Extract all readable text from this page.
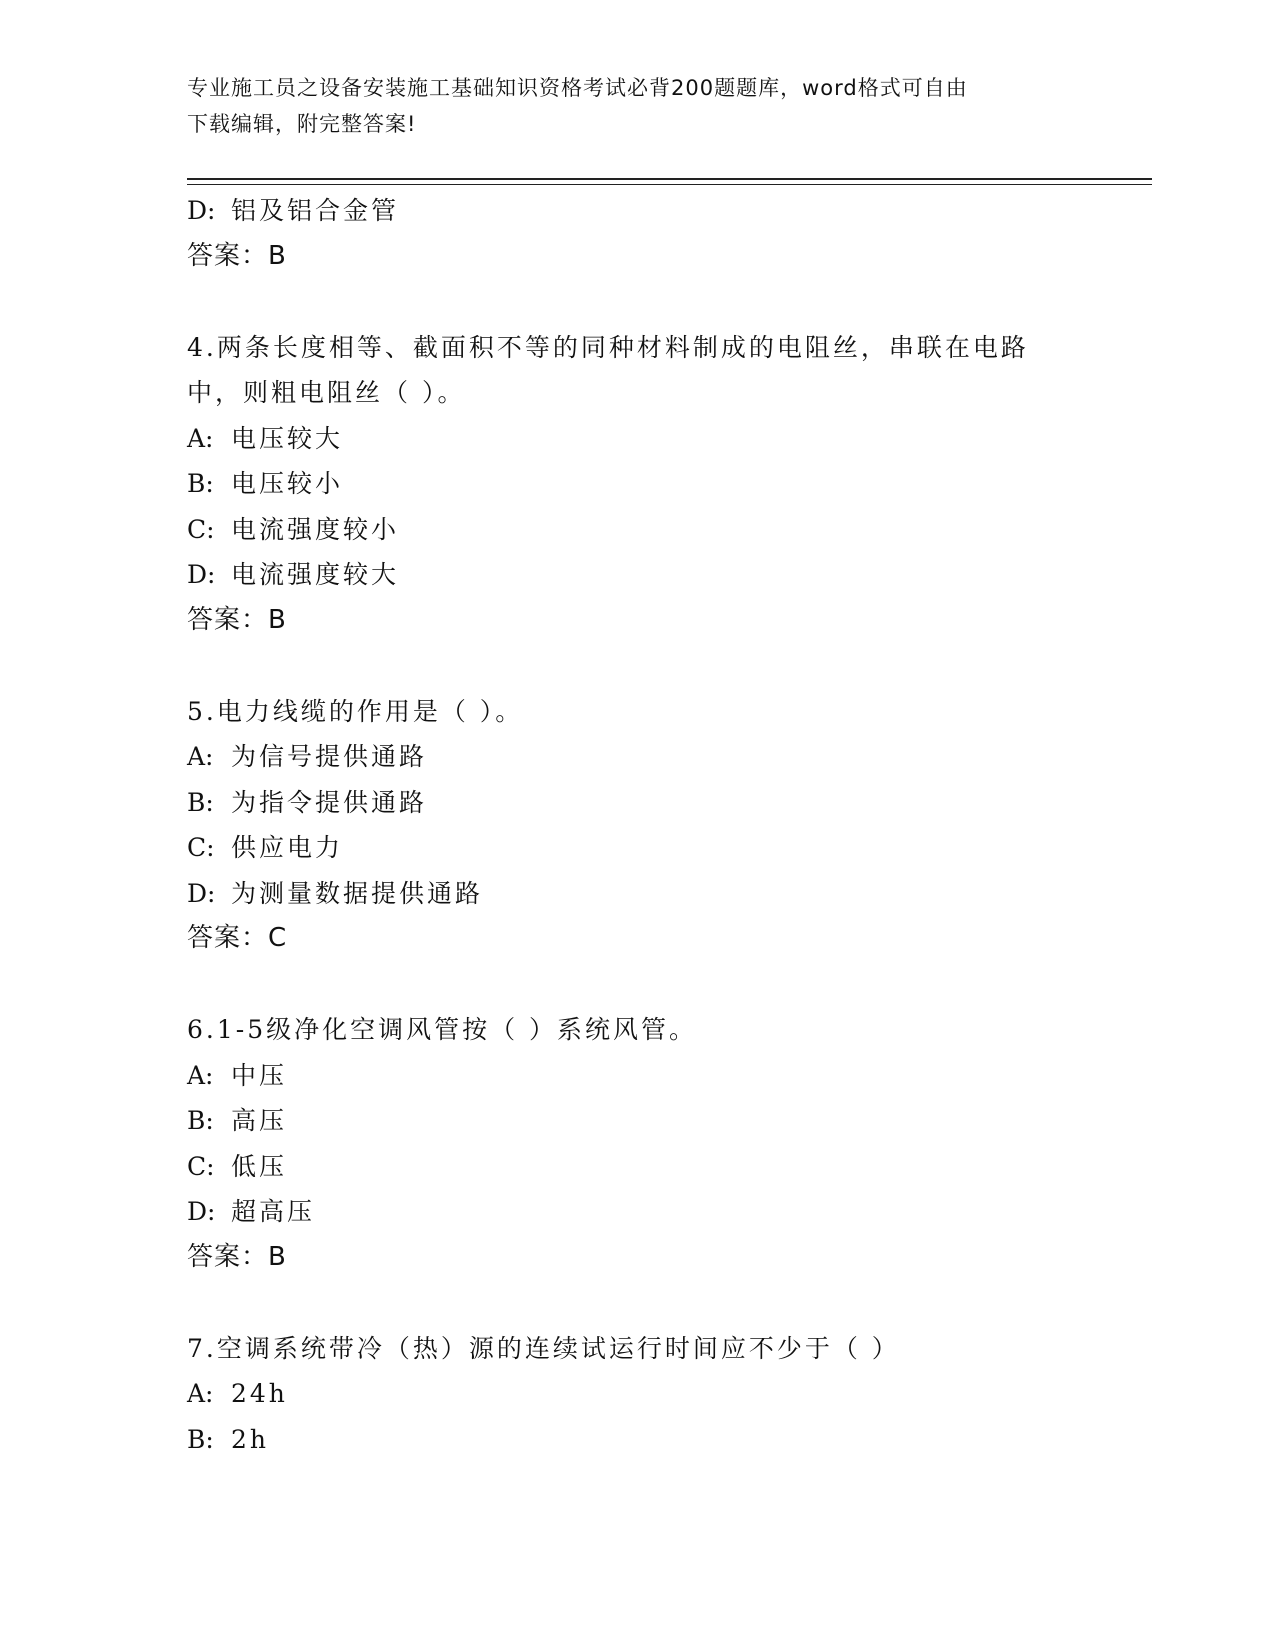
专业施工员之设备安装施工基础知识资格考试必背200题题库，word格式可自由
下载编辑，附完整答案!
D: 铝及铝合金管
答案：B
4.两条长度相等、截面积不等的同种材料制成的电阻丝，串联在电路
中，则粗电阻丝（ ）。
A: 电压较大
B: 电压较小
C: 电流强度较小
D: 电流强度较大
答案：B
5.电力线缆的作用是（ ）。
A: 为信号提供通路
B: 为指令提供通路
C: 供应电力
D: 为测量数据提供通路
答案：C
6.1-5级净化空调风管按（ ）系统风管。
A: 中压
B: 高压
C: 低压
D: 超高压
答案：B
7.空调系统带冷（热）源的连续试运行时间应不少于（ ）
A: 24h
B: 2h
